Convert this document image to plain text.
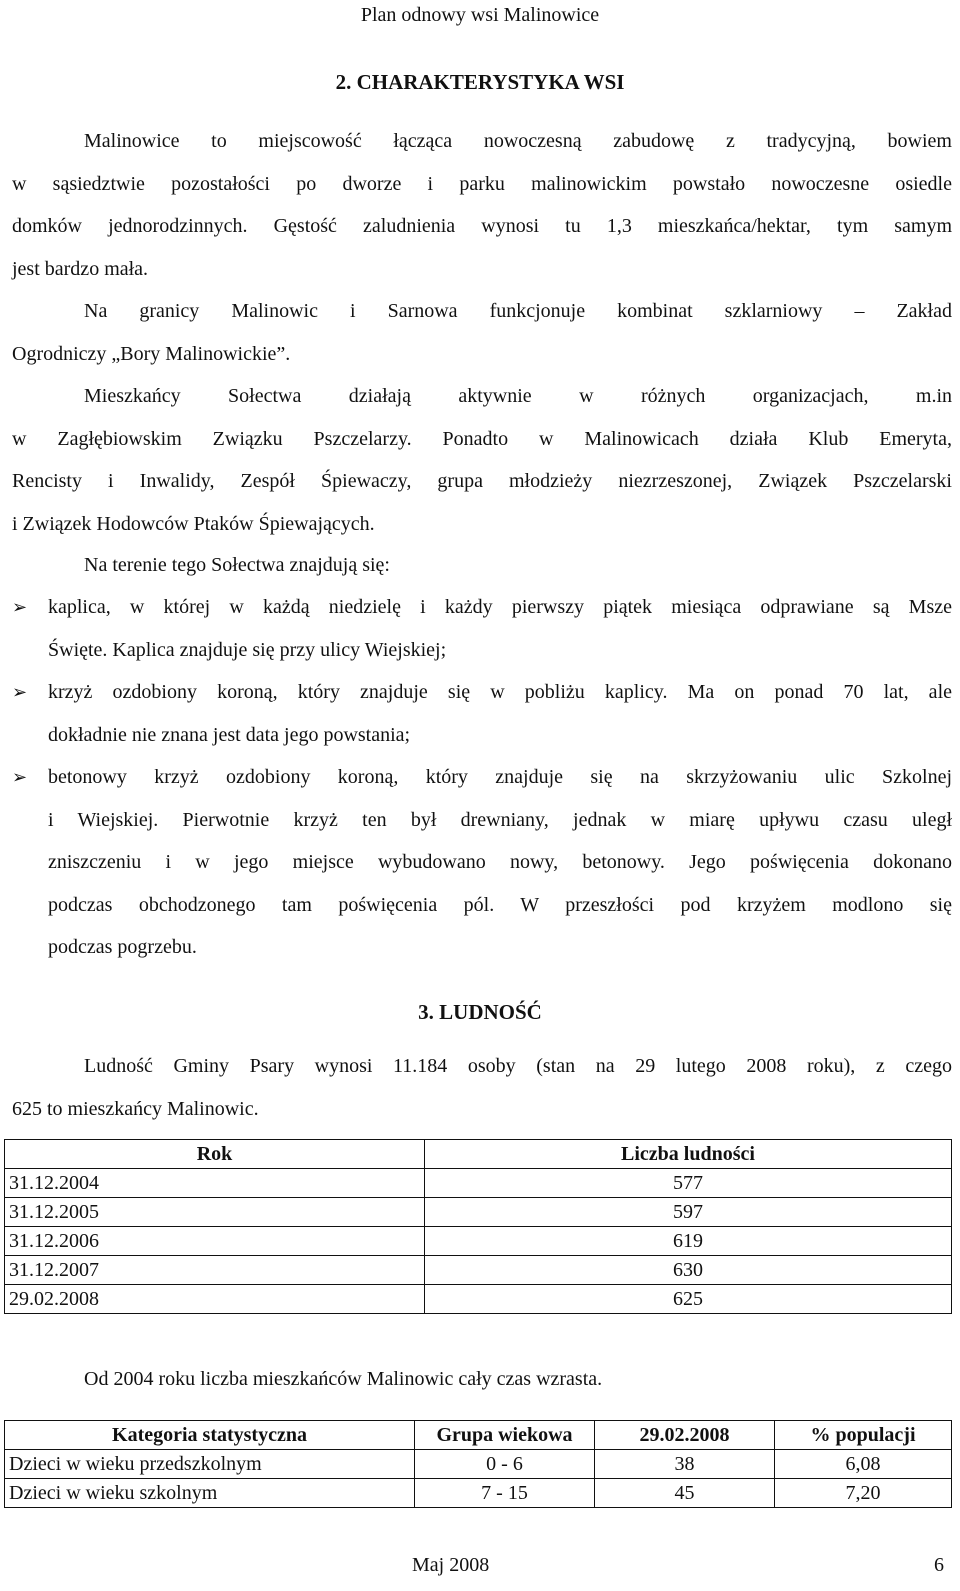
Plan odnowy wsi Malinowice
2. CHARAKTERYSTYKA WSI
Malinowice to miejscowość łącząca nowoczesną zabudowę z tradycyjną, bowiem
w sąsiedztwie pozostałości po dworze i parku malinowickim powstało nowoczesne osiedle
domków jednorodzinnych. Gęstość zaludnienia wynosi tu 1,3 mieszkańca/hektar, tym samym
jest bardzo mała.
Na granicy Malinowic i Sarnowa funkcjonuje kombinat szklarniowy – Zakład
Ogrodniczy „Bory Malinowickie”.
Mieszkańcy Sołectwa działają aktywnie w różnych organizacjach, m.in
w Zagłębiowskim Związku Pszczelarzy. Ponadto w Malinowicach działa Klub Emeryta,
Rencisty i Inwalidy, Zespół Śpiewaczy, grupa młodzieży niezrzeszonej, Związek Pszczelarski
i Związek Hodowców Ptaków Śpiewających.
Na terenie tego Sołectwa znajdują się:
➢	kaplica, w której w każdą niedzielę i każdy pierwszy piątek miesiąca odprawiane są Msze
Święte. Kaplica znajduje się przy ulicy Wiejskiej;
➢	krzyż ozdobiony koroną, który znajduje się w pobliżu kaplicy. Ma on ponad 70 lat, ale
dokładnie nie znana jest data jego powstania;
➢	betonowy krzyż ozdobiony koroną, który znajduje się na skrzyżowaniu ulic Szkolnej
i Wiejskiej. Pierwotnie krzyż ten był drewniany, jednak w miarę upływu czasu uległ
zniszczeniu i w jego miejsce wybudowano nowy, betonowy. Jego poświęcenia dokonano
podczas obchodzonego tam poświęcenia pól. W przeszłości pod krzyżem modlono się
podczas pogrzebu.
3. LUDNOŚĆ
Ludność Gminy Psary wynosi 11.184 osoby (stan na 29 lutego 2008 roku), z czego
625 to mieszkańcy Malinowic.
Rok	Liczba ludności
31.12.2004	577
31.12.2005	597
31.12.2006	619
31.12.2007	630
29.02.2008	625
Od 2004 roku liczba mieszkańców Malinowic cały czas wzrasta.
Kategoria statystyczna	Grupa wiekowa	29.02.2008	% populacji
Dzieci w wieku przedszkolnym	0 - 6	38	6,08
Dzieci w wieku szkolnym	7 - 15	45	7,20
Maj 2008	6
